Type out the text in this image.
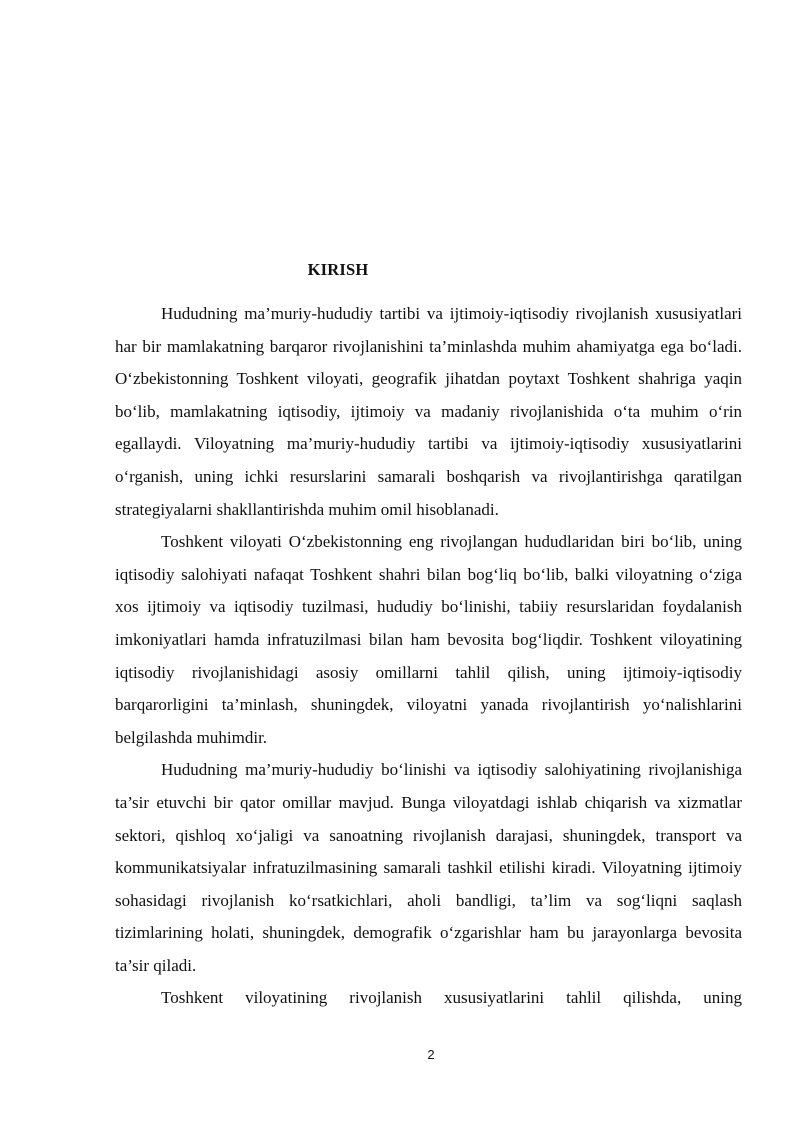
KIRISH

Hududning ma’muriy-hududiy tartibi va ijtimoiy-iqtisodiy rivojlanish xususiyatlari har bir mamlakatning barqaror rivojlanishini ta’minlashda muhim ahamiyatga ega bo‘ladi. O‘zbekistonning Toshkent viloyati, geografik jihatdan poytaxt Toshkent shahriga yaqin bo‘lib, mamlakatning iqtisodiy, ijtimoiy va madaniy rivojlanishida o‘ta muhim o‘rin egallaydi. Viloyatning ma’muriy-hududiy tartibi va ijtimoiy-iqtisodiy xususiyatlarini o‘rganish, uning ichki resurslarini samarali boshqarish va rivojlantirishga qaratilgan strategiyalarni shakllantirishda muhim omil hisoblanadi.

Toshkent viloyati O‘zbekistonning eng rivojlangan hududlaridan biri bo‘lib, uning iqtisodiy salohiyati nafaqat Toshkent shahri bilan bog‘liq bo‘lib, balki viloyatning o‘ziga xos ijtimoiy va iqtisodiy tuzilmasi, hududiy bo‘linishi, tabiiy resurslaridan foydalanish imkoniyatlari hamda infratuzilmasi bilan ham bevosita bog‘liqdir. Toshkent viloyatining iqtisodiy rivojlanishidagi asosiy omillarni tahlil qilish, uning ijtimoiy-iqtisodiy barqarorligini ta’minlash, shuningdek, viloyatni yanada rivojlantirish yo‘nalishlarini belgilashda muhimdir.

Hududning ma’muriy-hududiy bo‘linishi va iqtisodiy salohiyatining rivojlanishiga ta’sir etuvchi bir qator omillar mavjud. Bunga viloyatdagi ishlab chiqarish va xizmatlar sektori, qishloq xo‘jaligi va sanoatning rivojlanish darajasi, shuningdek, transport va kommunikatsiyalar infratuzilmasining samarali tashkil etilishi kiradi. Viloyatning ijtimoiy sohasidagi rivojlanish ko‘rsatkichlari, aholi bandligi, ta’lim va sog‘liqni saqlash tizimlarining holati, shuningdek, demografik o‘zgarishlar ham bu jarayonlarga bevosita ta’sir qiladi.

Toshkent viloyatining rivojlanish xususiyatlarini tahlil qilishda, uning

2
